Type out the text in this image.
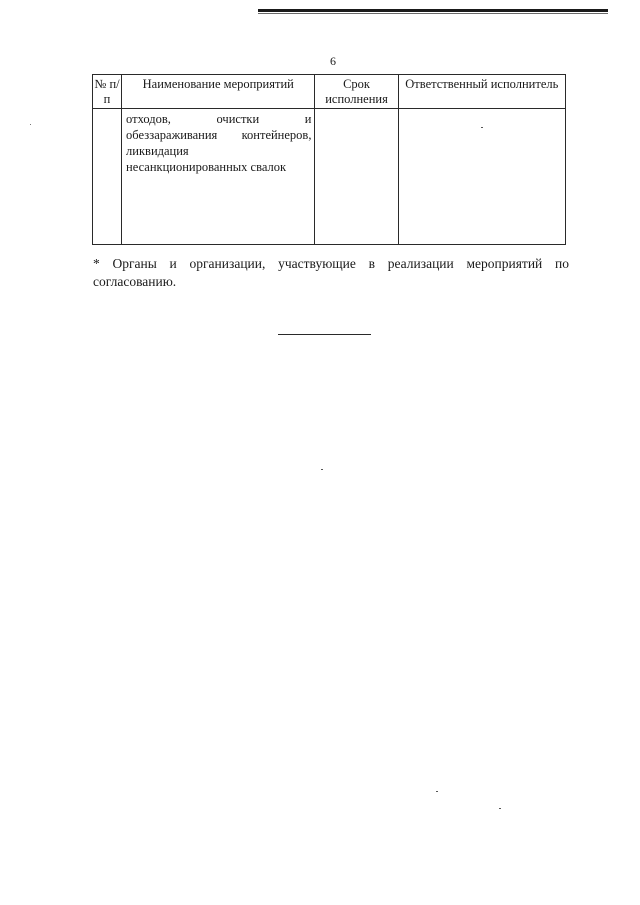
6
№ п/п	Наименование мероприятий	Срок исполнения	Ответственный исполнитель

	отходов, очистки и обеззараживания контейнеров, ликвидация несанкционированных свалок		

* Органы и организации, участвующие в реализации мероприятий по согласованию.
